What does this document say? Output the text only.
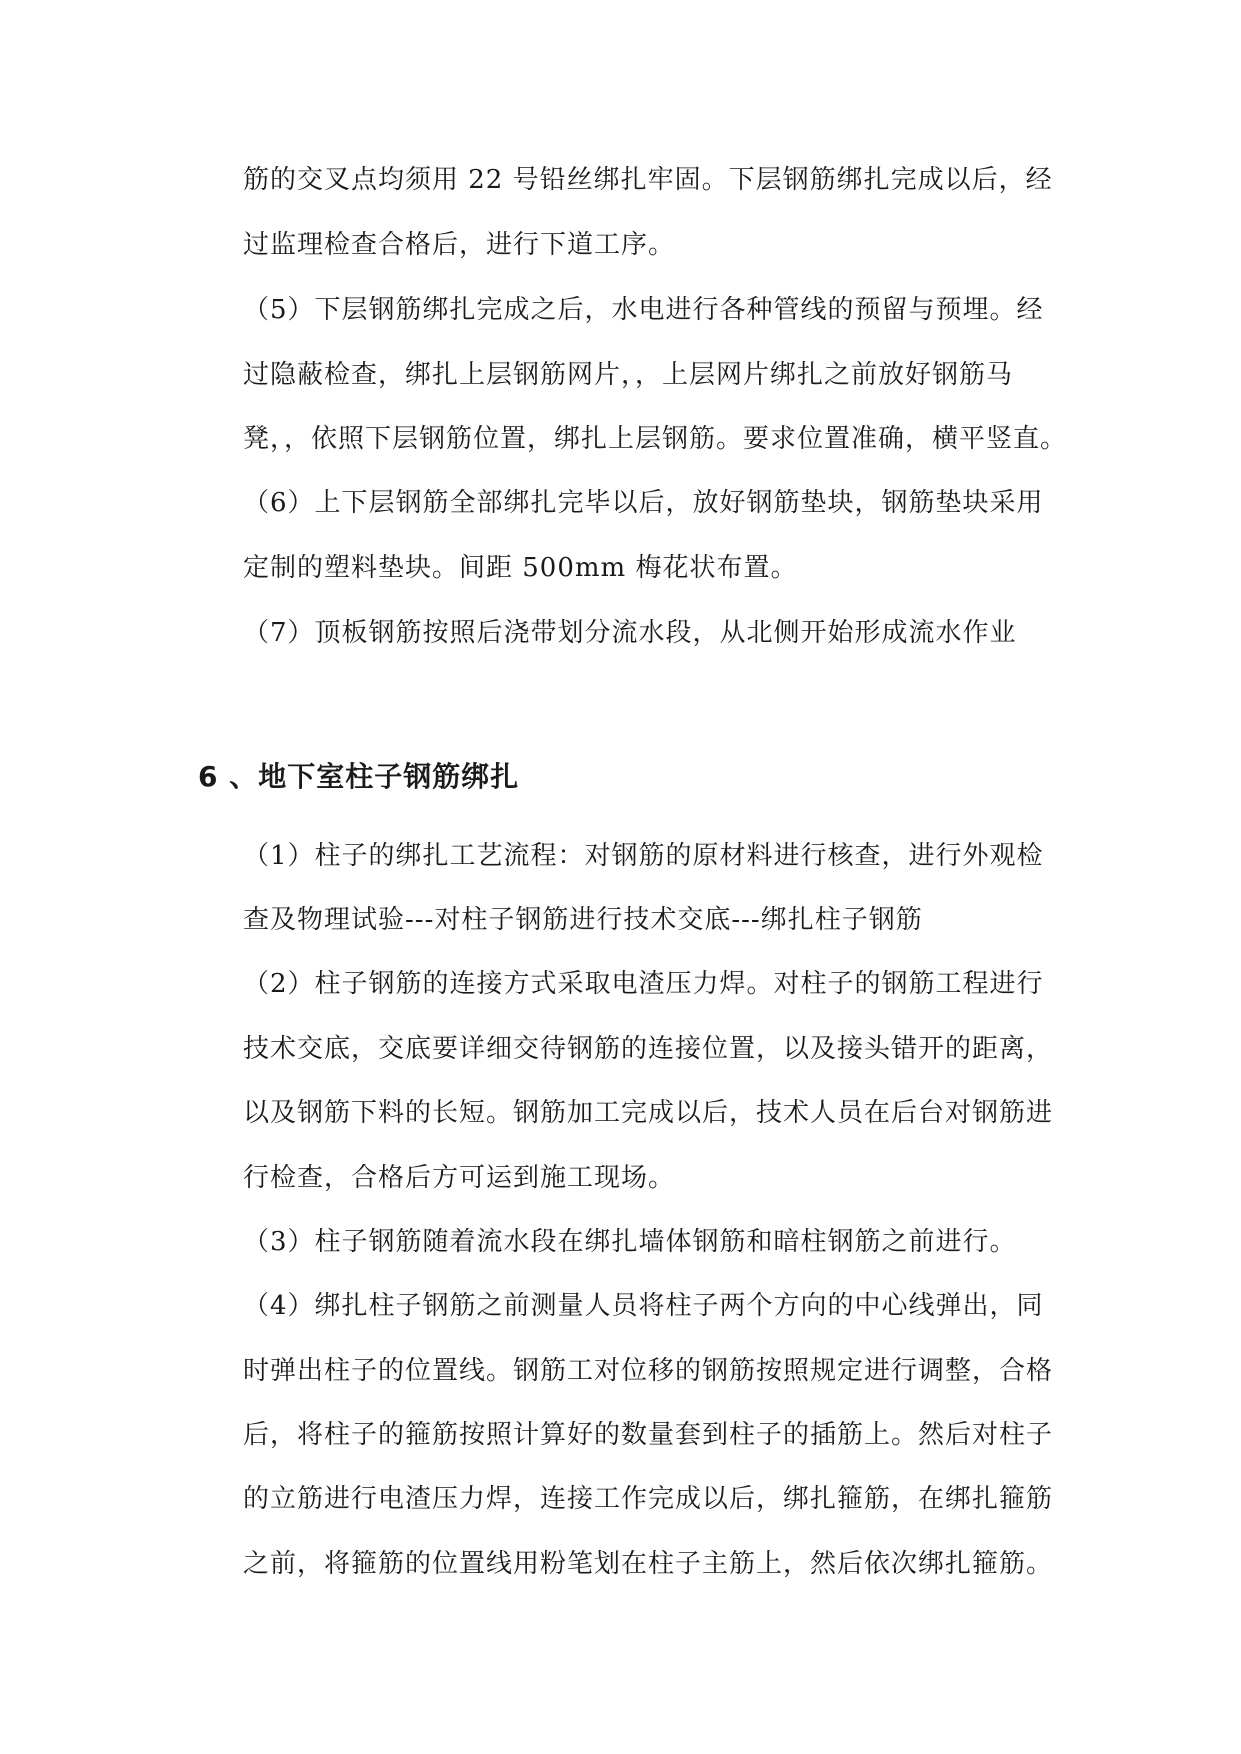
筋的交叉点均须用 22 号铅丝绑扎牢固。下层钢筋绑扎完成以后，经
过监理检查合格后，进行下道工序。
（5）下层钢筋绑扎完成之后，水电进行各种管线的预留与预埋。经
过隐蔽检查，绑扎上层钢筋网片，，上层网片绑扎之前放好钢筋马
凳，，依照下层钢筋位置，绑扎上层钢筋。要求位置准确，横平竖直。
（6）上下层钢筋全部绑扎完毕以后，放好钢筋垫块，钢筋垫块采用
定制的塑料垫块。间距 500mm 梅花状布置。
（7）顶板钢筋按照后浇带划分流水段，从北侧开始形成流水作业
6 、地下室柱子钢筋绑扎
（1）柱子的绑扎工艺流程：对钢筋的原材料进行核查，进行外观检
查及物理试验---对柱子钢筋进行技术交底---绑扎柱子钢筋
（2）柱子钢筋的连接方式采取电渣压力焊。对柱子的钢筋工程进行
技术交底，交底要详细交待钢筋的连接位置，以及接头错开的距离，
以及钢筋下料的长短。钢筋加工完成以后，技术人员在后台对钢筋进
行检查，合格后方可运到施工现场。
（3）柱子钢筋随着流水段在绑扎墙体钢筋和暗柱钢筋之前进行。
（4）绑扎柱子钢筋之前测量人员将柱子两个方向的中心线弹出，同
时弹出柱子的位置线。钢筋工对位移的钢筋按照规定进行调整，合格
后，将柱子的箍筋按照计算好的数量套到柱子的插筋上。然后对柱子
的立筋进行电渣压力焊，连接工作完成以后，绑扎箍筋，在绑扎箍筋
之前，将箍筋的位置线用粉笔划在柱子主筋上，然后依次绑扎箍筋。
